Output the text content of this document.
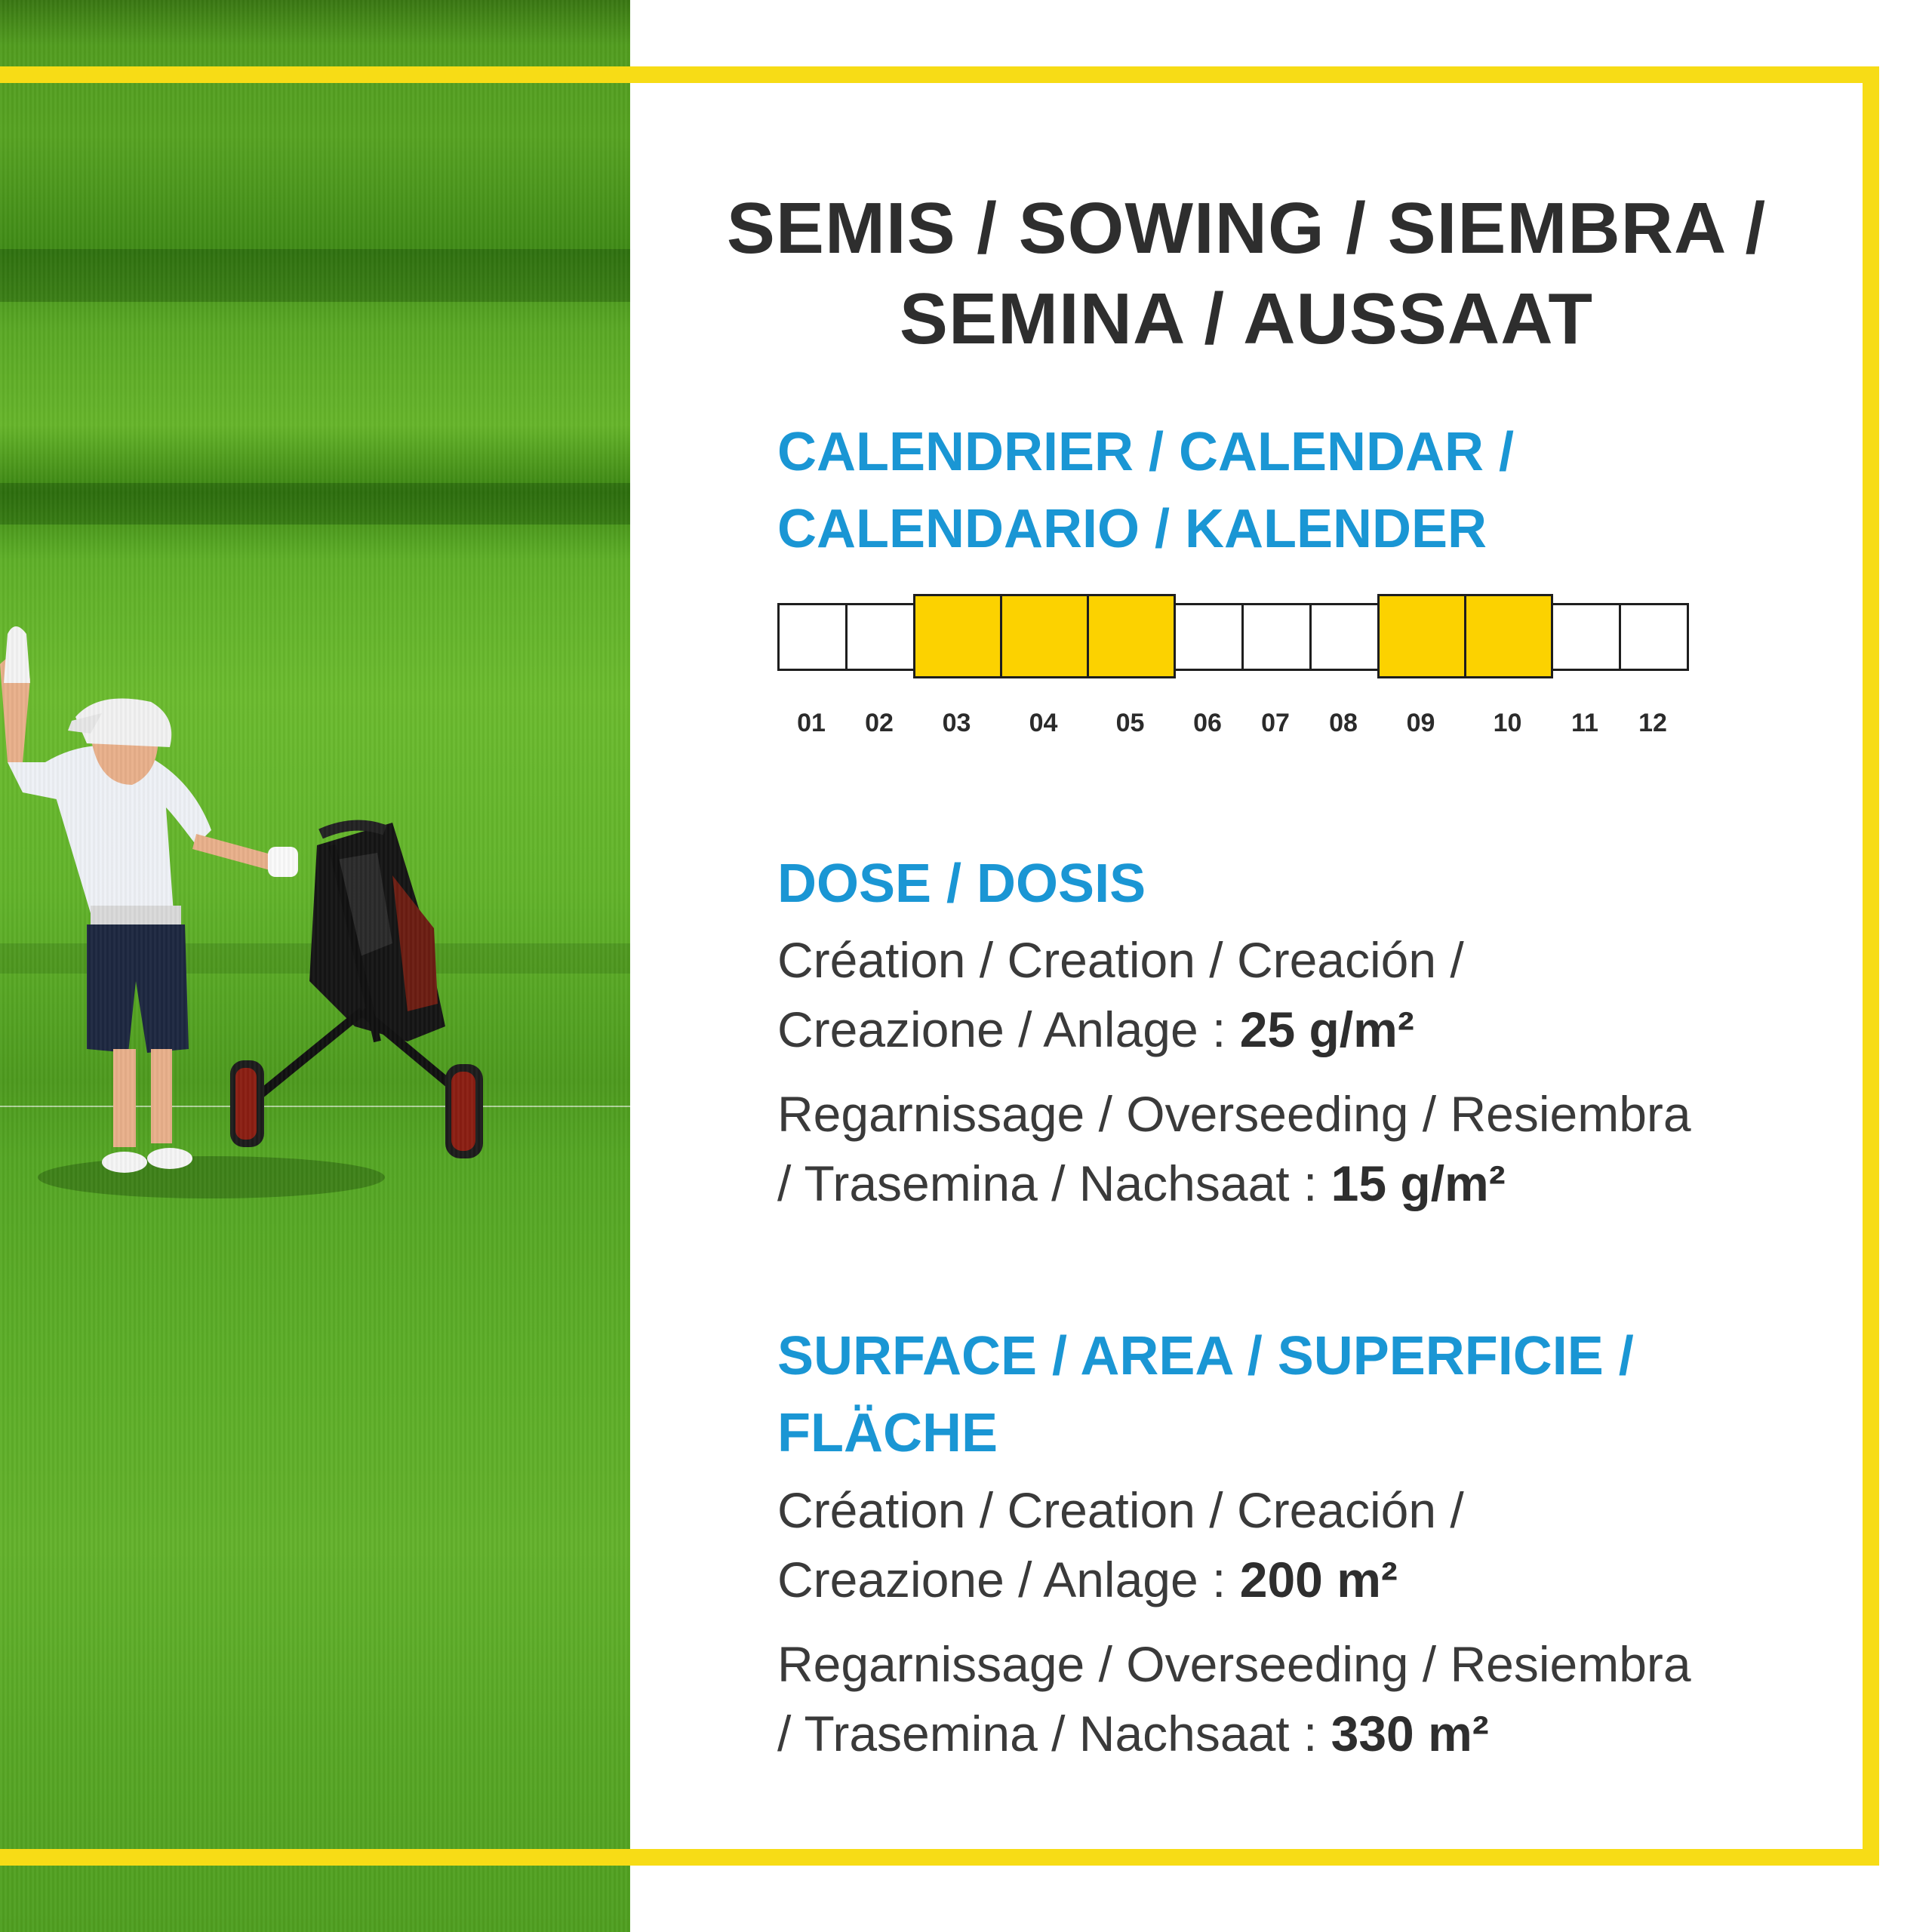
SEMIS / SOWING / SIEMBRA /
SEMINA / AUSSAAT
CALENDRIER / CALENDAR /
CALENDARIO / KALENDER
01	02	03	04	05	06	07	08	09	10	11	12
DOSE / DOSIS
Création / Creation / Creación /
Creazione / Anlage : 25 g/m²
Regarnissage / Overseeding / Resiembra
/ Trasemina / Nachsaat : 15 g/m²
SURFACE / AREA / SUPERFICIE /
FLÄCHE
Création / Creation / Creación /
Creazione / Anlage : 200 m²
Regarnissage / Overseeding / Resiembra
/ Trasemina / Nachsaat : 330 m²
